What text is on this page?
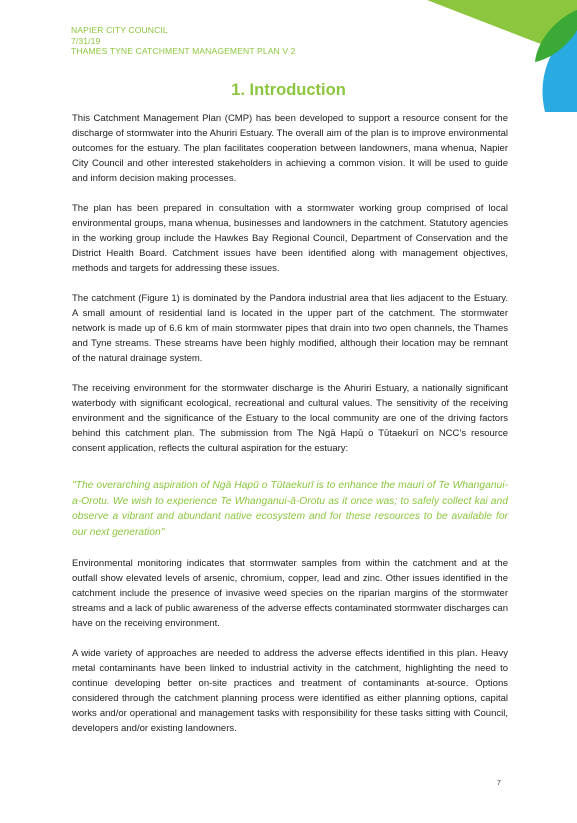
NAPIER CITY COUNCIL
7/31/19
THAMES TYNE CATCHMENT MANAGEMENT PLAN V 2
1. Introduction

This Catchment Management Plan (CMP) has been developed to support a resource consent for the discharge of stormwater into the Ahuriri Estuary. The overall aim of the plan is to improve environmental outcomes for the estuary. The plan facilitates cooperation between landowners, mana whenua, Napier City Council and other interested stakeholders in achieving a common vision. It will be used to guide and inform decision making processes.

The plan has been prepared in consultation with a stormwater working group comprised of local environmental groups, mana whenua, businesses and landowners in the catchment. Statutory agencies in the working group include the Hawkes Bay Regional Council, Department of Conservation and the District Health Board. Catchment issues have been identified along with management objectives, methods and targets for addressing these issues.

The catchment (Figure 1) is dominated by the Pandora industrial area that lies adjacent to the Estuary. A small amount of residential land is located in the upper part of the catchment. The stormwater network is made up of 6.6 km of main stormwater pipes that drain into two open channels, the Thames and Tyne streams. These streams have been highly modified, although their location may be remnant of the natural drainage system.

The receiving environment for the stormwater discharge is the Ahuriri Estuary, a nationally significant waterbody with significant ecological, recreational and cultural values. The sensitivity of the receiving environment and the significance of the Estuary to the local community are one of the driving factors behind this catchment plan. The submission from The Ngā Hapū o Tūtaekurī on NCC’s resource consent application, reflects the cultural aspiration for the estuary:

"The overarching aspiration of Ngā Hapū o Tūtaekurī is to enhance the mauri of Te Whanganui-a-Orotu. We wish to experience Te Whanganui-ā-Orotu as it once was; to safely collect kai and observe a vibrant and abundant native ecosystem and for these resources to be available for our next generation"

Environmental monitoring indicates that stormwater samples from within the catchment and at the outfall show elevated levels of arsenic, chromium, copper, lead and zinc. Other issues identified in the catchment include the presence of invasive weed species on the riparian margins of the stormwater streams and a lack of public awareness of the adverse effects contaminated stormwater discharges can have on the receiving environment.

A wide variety of approaches are needed to address the adverse effects identified in this plan. Heavy metal contaminants have been linked to industrial activity in the catchment, highlighting the need to continue developing better on-site practices and treatment of contaminants at-source. Options considered through the catchment planning process were identified as either planning options, capital works and/or operational and management tasks with responsibility for these tasks sitting with Council, developers and/or existing landowners.

7
